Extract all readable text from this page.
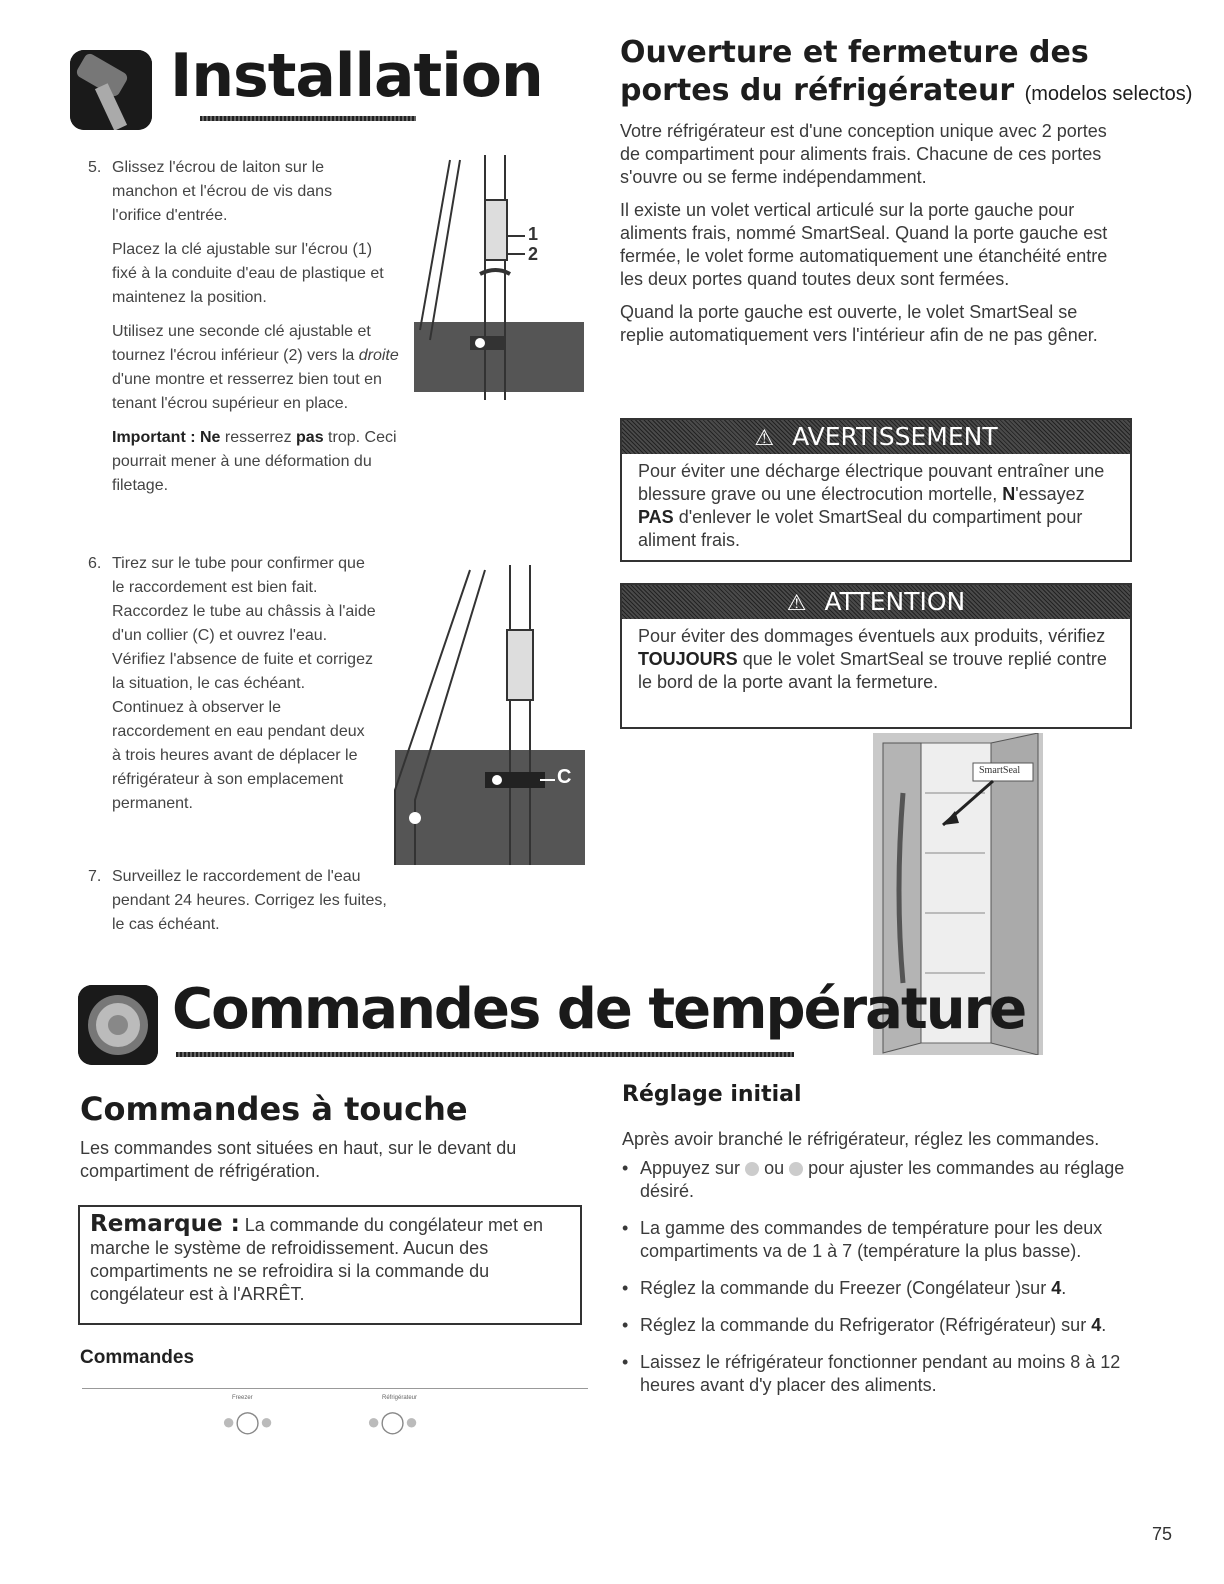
Installation
5. Glissez l'écrou de laiton sur le manchon et l'écrou de vis dans l'orifice d'entrée.

Placez la clé ajustable sur l'écrou (1) fixé à la conduite d'eau de plastique et maintenez la position.

Utilisez une seconde clé ajustable et tournez l'écrou inférieur (2) vers la droite d'une montre et resserrez bien tout en tenant l'écrou supérieur en place.

Important : Ne resserrez pas trop. Ceci pourrait mener à une déformation du filetage.

6. Tirez sur le tube pour confirmer que le raccordement est bien fait. Raccordez le tube au châssis à l'aide d'un collier (C) et ouvrez l'eau. Vérifiez l'absence de fuite et corrigez la situation, le cas échéant. Continuez à observer le raccordement en eau pendant deux à trois heures avant de déplacer le réfrigérateur à son emplacement permanent.

7. Surveillez le raccordement de l'eau pendant 24 heures. Corrigez les fuites, le cas échéant.

1
2
C
Ouverture et fermeture des
portes du réfrigérateur (modelos selectos)

Votre réfrigérateur est d'une conception unique avec 2 portes de compartiment pour aliments frais. Chacune de ces portes s'ouvre ou se ferme indépendamment.

Il existe un volet vertical articulé sur la porte gauche pour aliments frais, nommé SmartSeal. Quand la porte gauche est fermée, le volet forme automatiquement une étanchéité entre les deux portes quand toutes deux sont fermées.

Quand la porte gauche est ouverte, le volet SmartSeal se replie automatiquement vers l'intérieur afin de ne pas gêner.

⚠ AVERTISSEMENT
Pour éviter une décharge électrique pouvant entraîner une blessure grave ou une électrocution mortelle, N'essayez PAS d'enlever le volet SmartSeal du compartiment pour aliment frais.
⚠ ATTENTION
Pour éviter des dommages éventuels aux produits, vérifiez TOUJOURS que le volet SmartSeal se trouve replié contre le bord de la porte avant la fermeture.
SmartSeal
Commandes de température
Commandes à touche
Les commandes sont situées en haut, sur le devant du compartiment de réfrigération.
Remarque : La commande du congélateur met en marche le système de refroidissement. Aucun des compartiments ne se refroidira si la commande du congélateur est à l'ARRÊT.
Commandes
Freezer	Réfrigérateur
●◯●	●◯●
Réglage initial

Après avoir branché le réfrigérateur, réglez les commandes.

• Appuyez sur  ou  pour ajuster les commandes au réglage désiré.
• La gamme des commandes de température pour les deux compartiments va de 1 à 7 (température la plus basse).
• Réglez la commande du Freezer (Congélateur )sur 4.
• Réglez la commande du Refrigerator (Réfrigérateur) sur 4.
• Laissez le réfrigérateur fonctionner pendant au moins 8 à 12 heures avant d'y placer des aliments.
75
